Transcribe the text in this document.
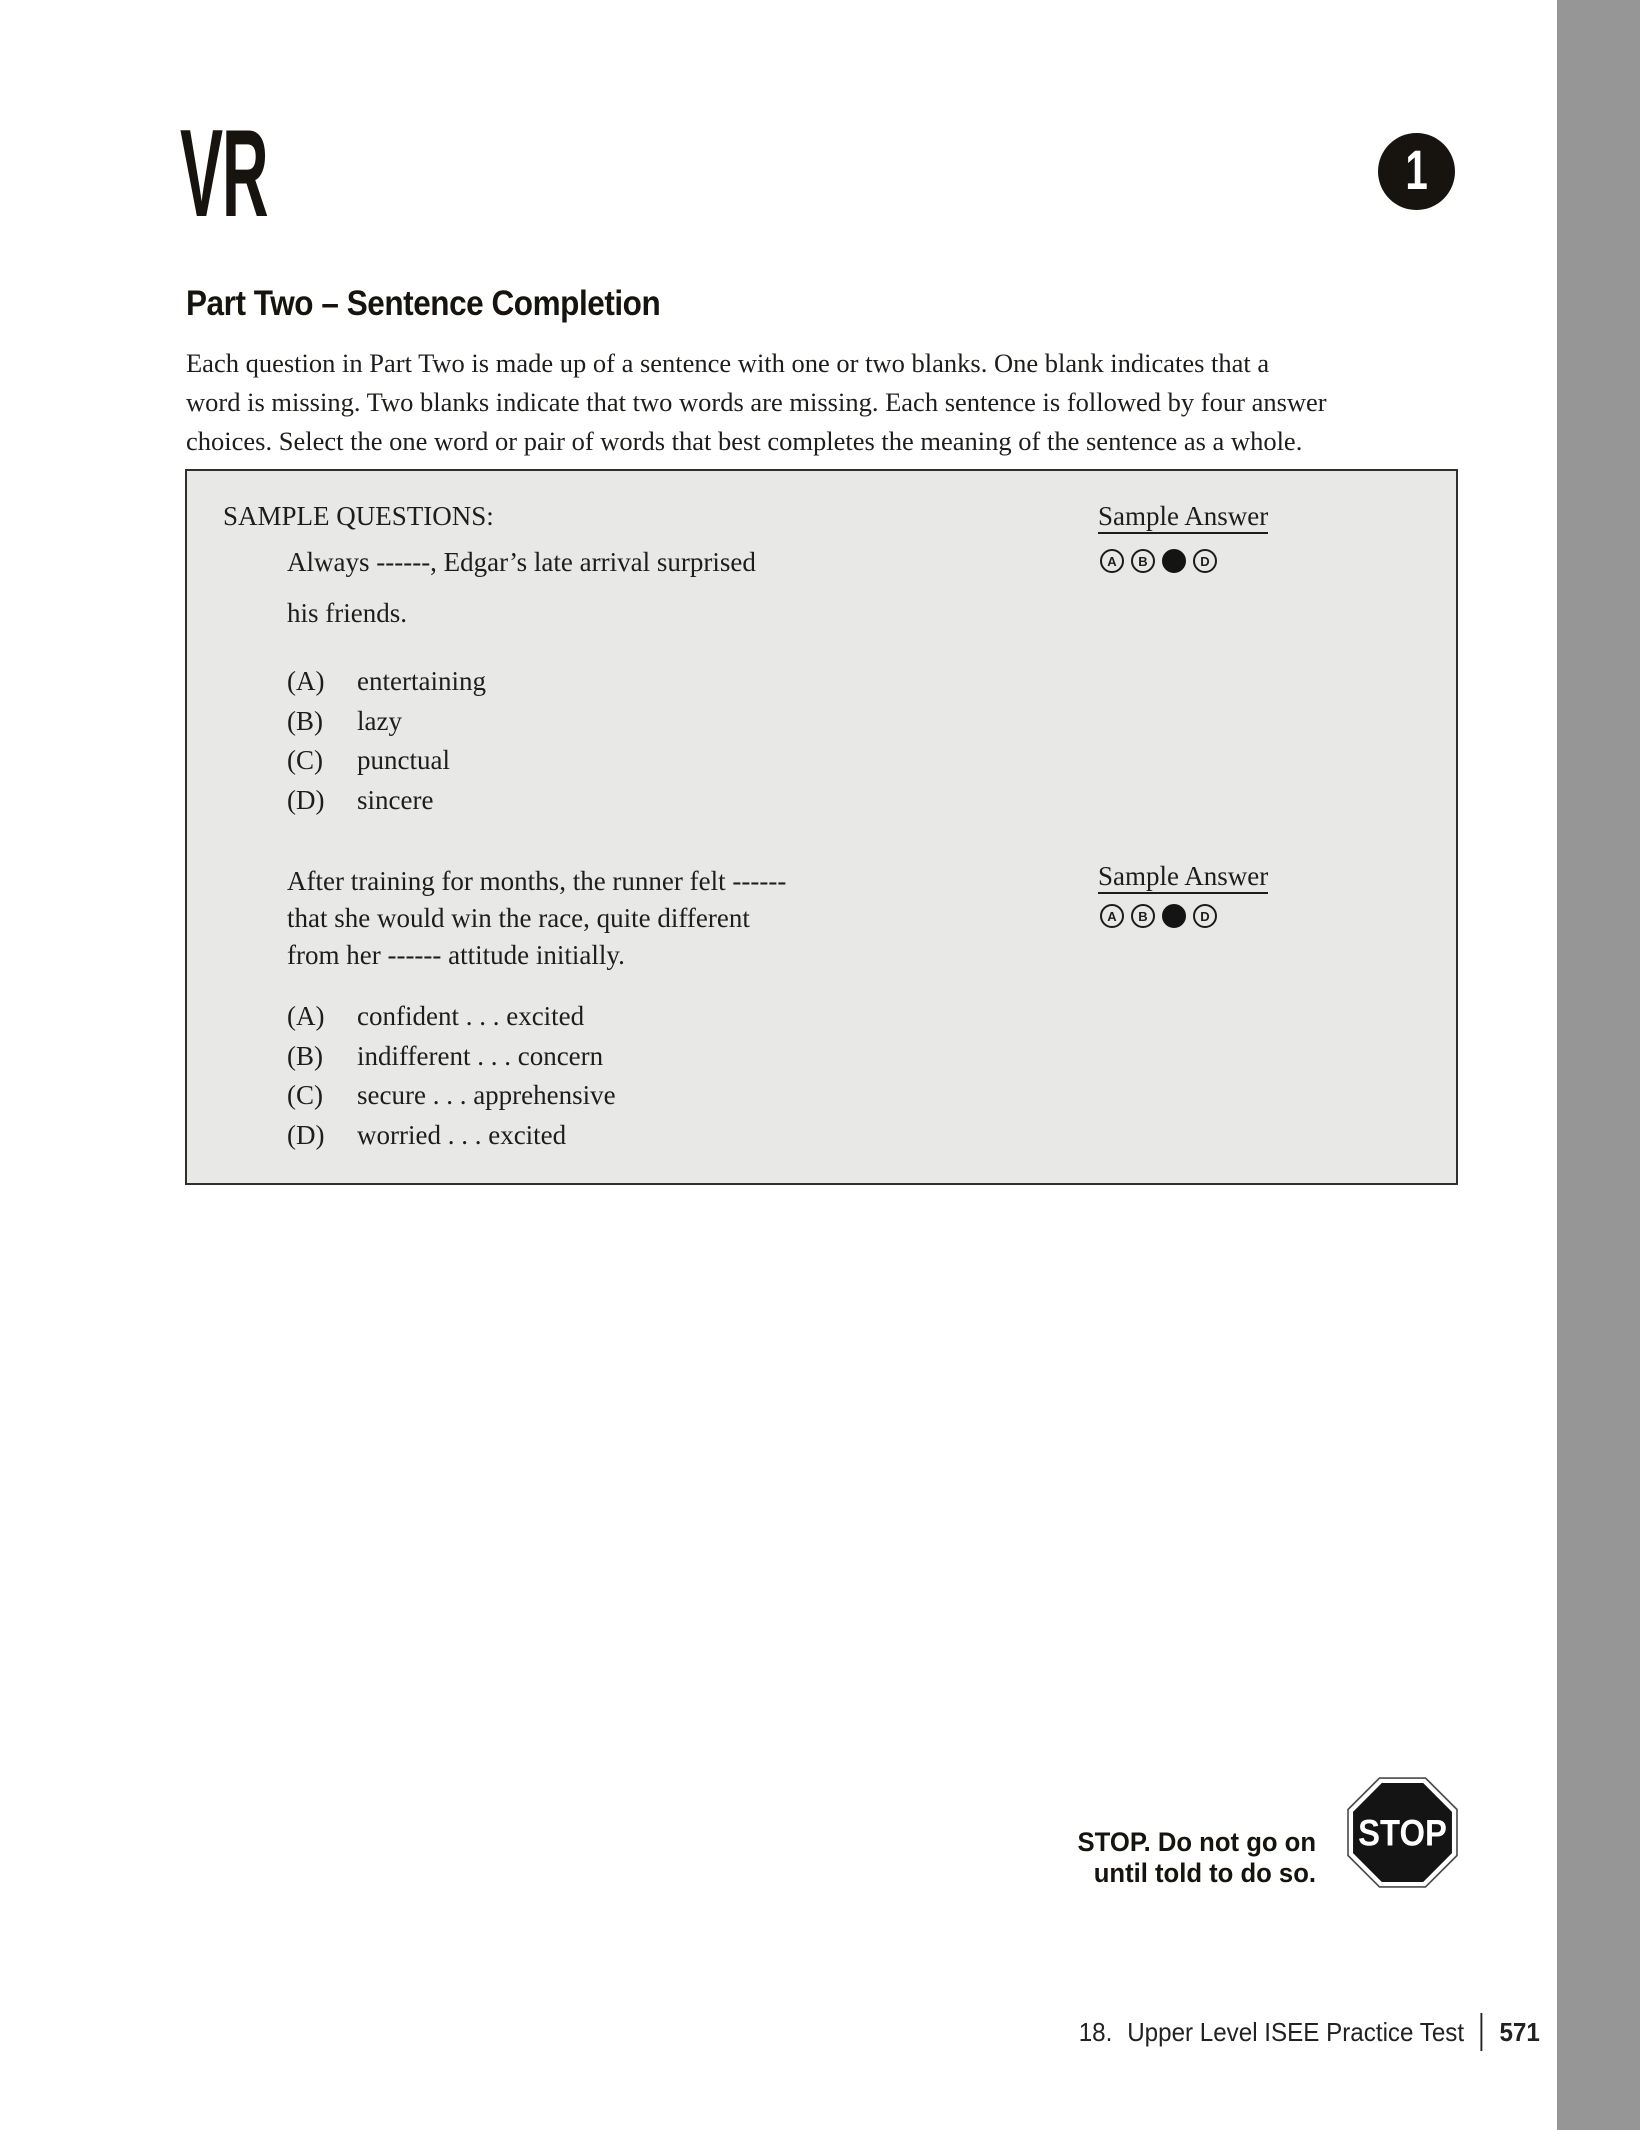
VR	1
Part Two – Sentence Completion
Each question in Part Two is made up of a sentence with one or two blanks. One blank indicates that a
word is missing. Two blanks indicate that two words are missing. Each sentence is followed by four answer
choices. Select the one word or pair of words that best completes the meaning of the sentence as a whole.
SAMPLE QUESTIONS:	Sample Answer
Always ------, Edgar’s late arrival surprised
his friends.
A	B	D
(A) entertaining
(B) lazy
(C) punctual
(D) sincere
Sample Answer
After training for months, the runner felt ------
that she would win the race, quite different
from her ------ attitude initially.
A	B	D
(A) confident . . . excited
(B) indifferent . . . concern
(C) secure . . . apprehensive
(D) worried . . . excited
STOP. Do not go on
until told to do so.
STOP
18. Upper Level ISEE Practice Test 571
